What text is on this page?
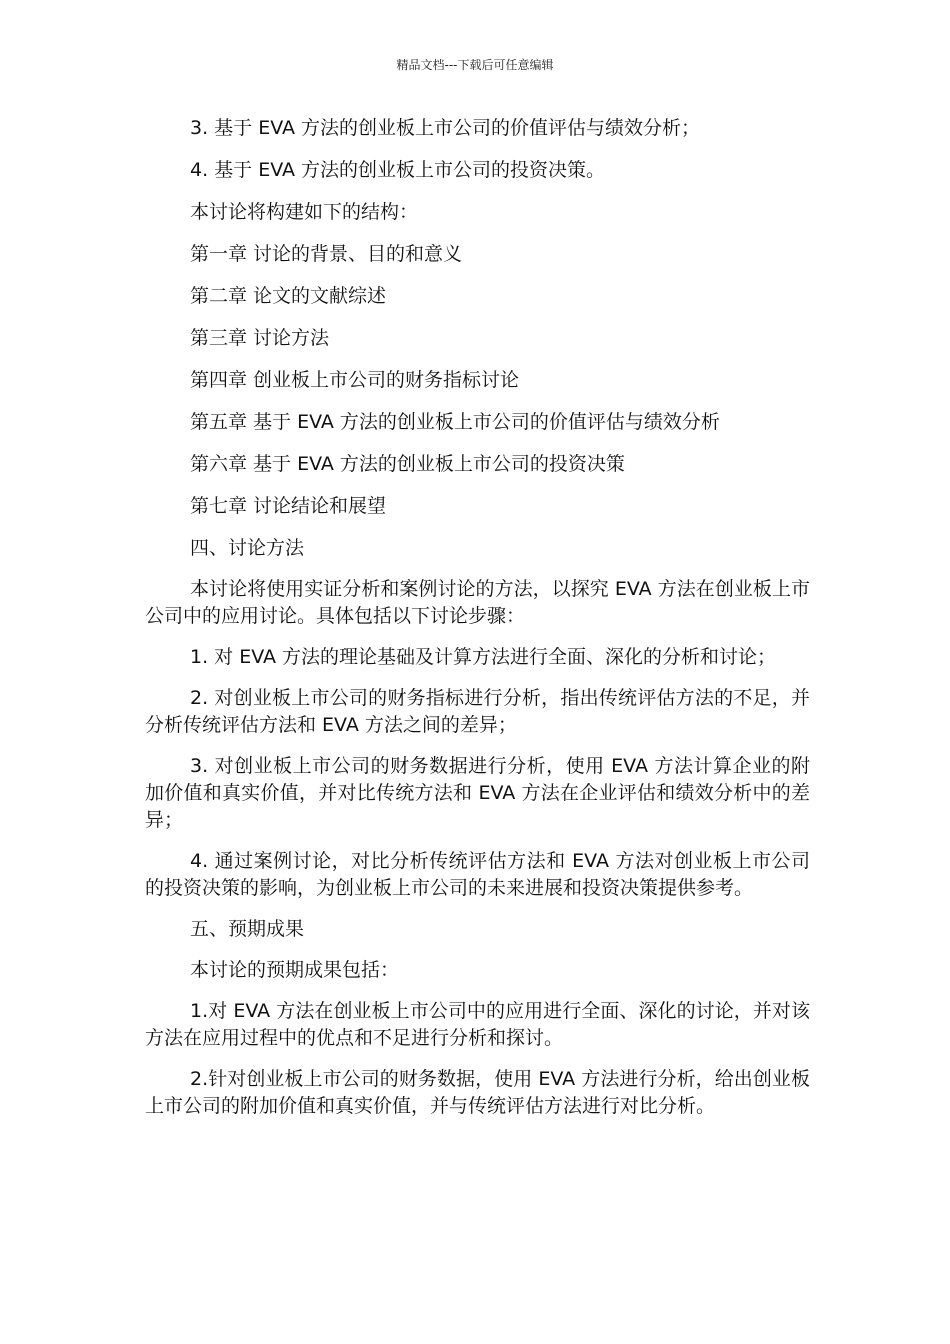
精品文档---下载后可任意编辑
3. 基于 EVA 方法的创业板上市公司的价值评估与绩效分析；
4. 基于 EVA 方法的创业板上市公司的投资决策。
本讨论将构建如下的结构：
第一章 讨论的背景、目的和意义
第二章 论文的文献综述
第三章 讨论方法
第四章 创业板上市公司的财务指标讨论
第五章 基于 EVA 方法的创业板上市公司的价值评估与绩效分析
第六章 基于 EVA 方法的创业板上市公司的投资决策
第七章 讨论结论和展望
四、讨论方法

本讨论将使用实证分析和案例讨论的方法，以探究 EVA 方法在创业板上市公司中的应用讨论。具体包括以下讨论步骤：

1. 对 EVA 方法的理论基础及计算方法进行全面、深化的分析和讨论；

2. 对创业板上市公司的财务指标进行分析，指出传统评估方法的不足，并分析传统评估方法和 EVA 方法之间的差异；

3. 对创业板上市公司的财务数据进行分析，使用 EVA 方法计算企业的附加价值和真实价值，并对比传统方法和 EVA 方法在企业评估和绩效分析中的差异；

4. 通过案例讨论，对比分析传统评估方法和 EVA 方法对创业板上市公司的投资决策的影响，为创业板上市公司的未来进展和投资决策提供参考。

五、预期成果

本讨论的预期成果包括：

1.对 EVA 方法在创业板上市公司中的应用进行全面、深化的讨论，并对该方法在应用过程中的优点和不足进行分析和探讨。

2.针对创业板上市公司的财务数据，使用 EVA 方法进行分析，给出创业板上市公司的附加价值和真实价值，并与传统评估方法进行对比分析。
